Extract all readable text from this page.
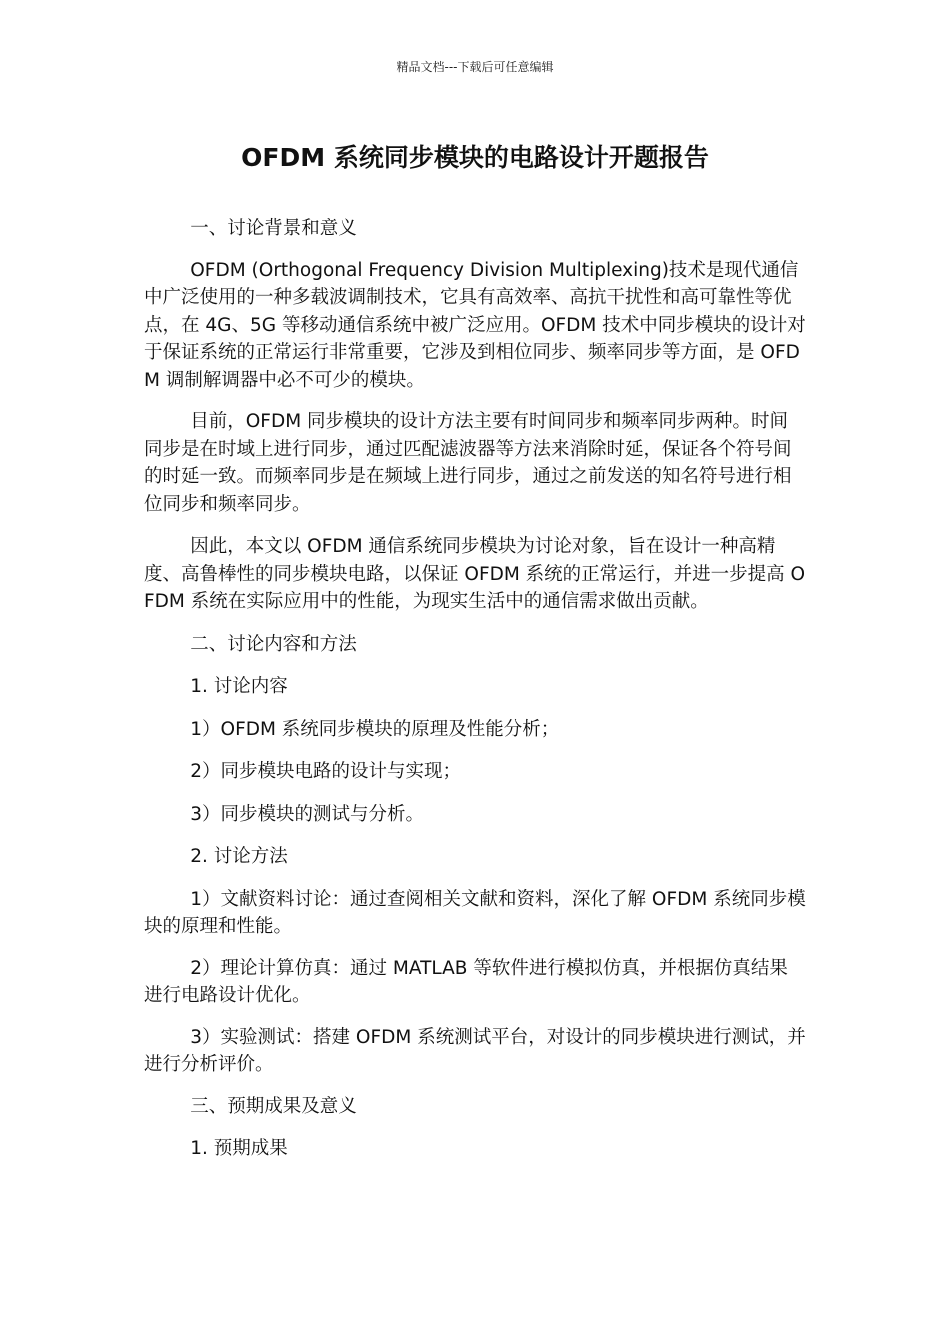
精品文档---下载后可任意编辑
OFDM 系统同步模块的电路设计开题报告

一、讨论背景和意义

OFDM (Orthogonal Frequency Division Multiplexing)技术是现代通信中广泛使用的一种多载波调制技术，它具有高效率、高抗干扰性和高可靠性等优点，在 4G、5G 等移动通信系统中被广泛应用。OFDM 技术中同步模块的设计对于保证系统的正常运行非常重要，它涉及到相位同步、频率同步等方面，是 OFDM 调制解调器中必不可少的模块。

目前，OFDM 同步模块的设计方法主要有时间同步和频率同步两种。时间同步是在时域上进行同步，通过匹配滤波器等方法来消除时延，保证各个符号间的时延一致。而频率同步是在频域上进行同步，通过之前发送的知名符号进行相位同步和频率同步。

因此，本文以 OFDM 通信系统同步模块为讨论对象，旨在设计一种高精度、高鲁棒性的同步模块电路，以保证 OFDM 系统的正常运行，并进一步提高 OFDM 系统在实际应用中的性能，为现实生活中的通信需求做出贡献。

二、讨论内容和方法

1. 讨论内容

1）OFDM 系统同步模块的原理及性能分析；

2）同步模块电路的设计与实现；

3）同步模块的测试与分析。

2. 讨论方法

1）文献资料讨论：通过查阅相关文献和资料，深化了解 OFDM 系统同步模块的原理和性能。

2）理论计算仿真：通过 MATLAB 等软件进行模拟仿真，并根据仿真结果进行电路设计优化。

3）实验测试：搭建 OFDM 系统测试平台，对设计的同步模块进行测试，并进行分析评价。

三、预期成果及意义

1. 预期成果
